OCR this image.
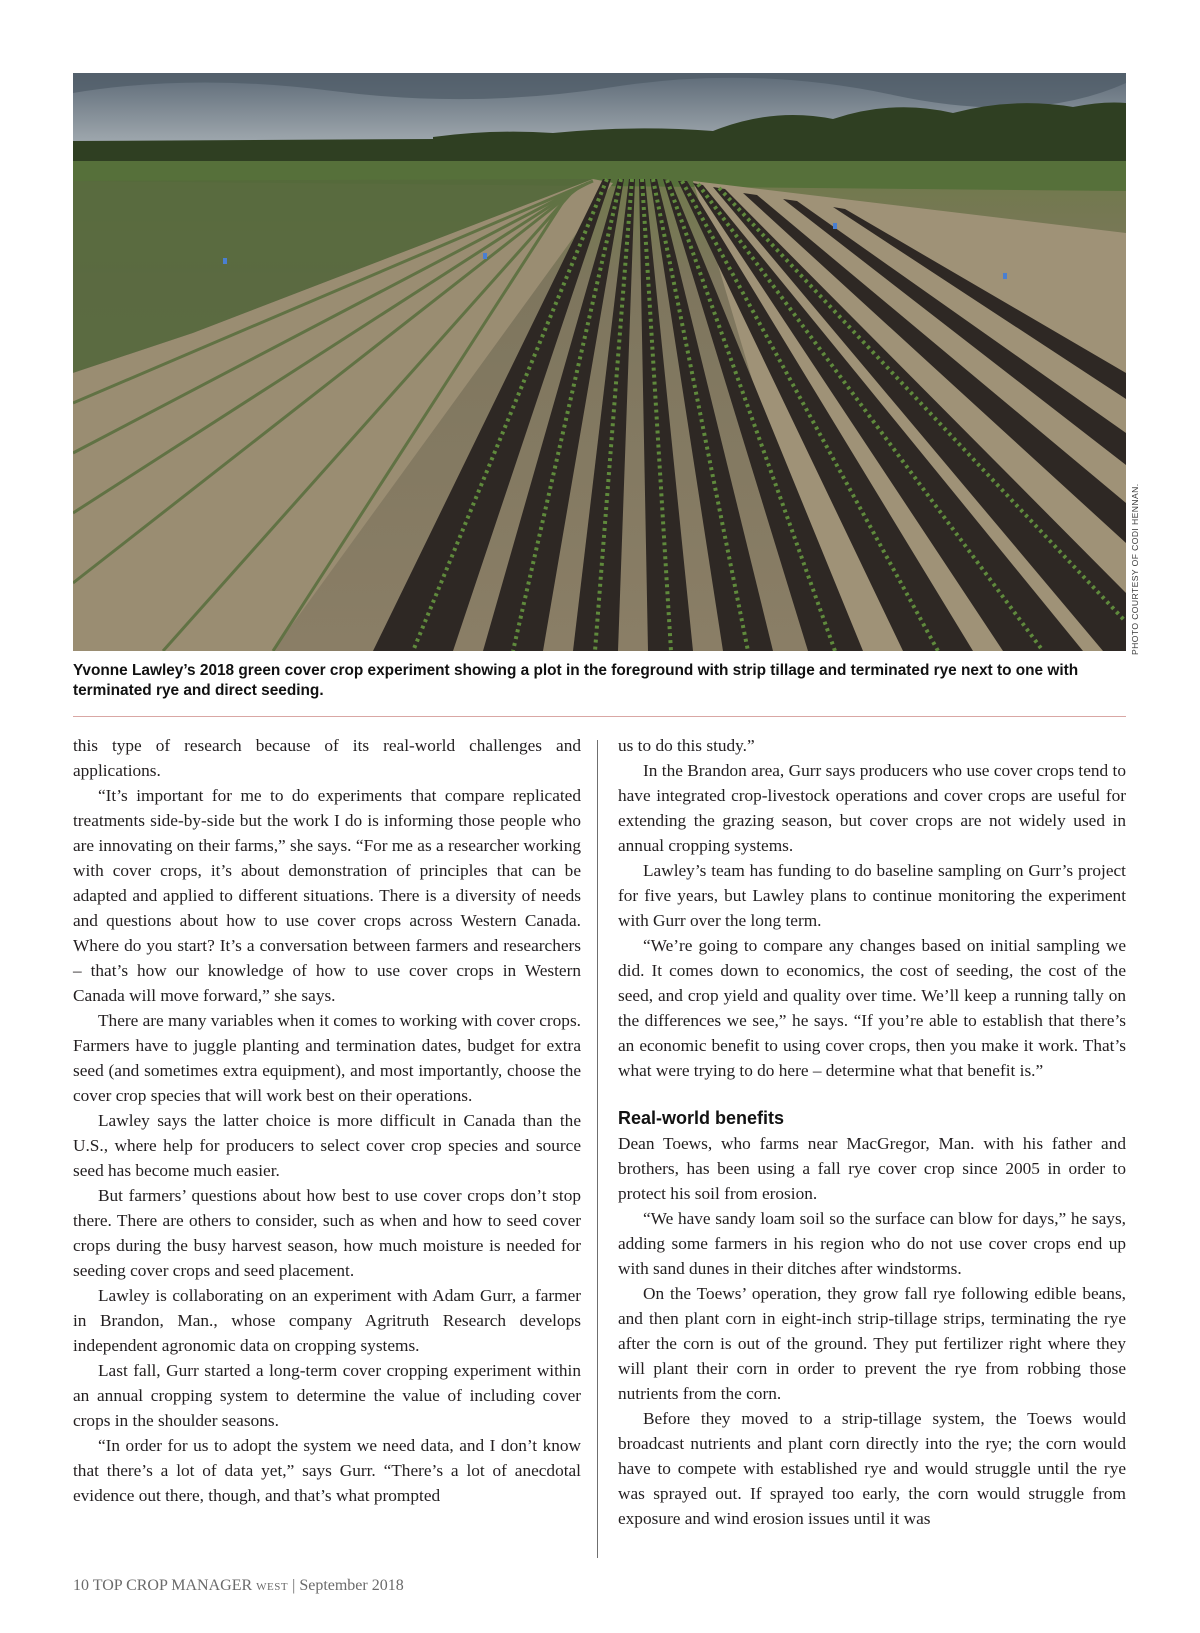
PHOTO COURTESY OF CODI HENNAN.
Yvonne Lawley’s 2018 green cover crop experiment showing a plot in the foreground with strip tillage and terminated rye next to one with terminated rye and direct seeding.

this type of research because of its real-world challenges and applications.

“It’s important for me to do experiments that compare replicated treatments side-by-side but the work I do is informing those people who are innovating on their farms,” she says. “For me as a researcher working with cover crops, it’s about demonstration of principles that can be adapted and applied to different situations. There is a diversity of needs and questions about how to use cover crops across Western Canada. Where do you start? It’s a conversation between farmers and researchers – that’s how our knowledge of how to use cover crops in Western Canada will move forward,” she says.

There are many variables when it comes to working with cover crops. Farmers have to juggle planting and termination dates, budget for extra seed (and sometimes extra equipment), and most importantly, choose the cover crop species that will work best on their operations.

Lawley says the latter choice is more difficult in Canada than the U.S., where help for producers to select cover crop species and source seed has become much easier.

But farmers’ questions about how best to use cover crops don’t stop there. There are others to consider, such as when and how to seed cover crops during the busy harvest season, how much moisture is needed for seeding cover crops and seed placement.

Lawley is collaborating on an experiment with Adam Gurr, a farmer in Brandon, Man., whose company Agritruth Research develops independent agronomic data on cropping systems.

Last fall, Gurr started a long-term cover cropping experiment within an annual cropping system to determine the value of including cover crops in the shoulder seasons.

“In order for us to adopt the system we need data, and I don’t know that there’s a lot of data yet,” says Gurr. “There’s a lot of anecdotal evidence out there, though, and that’s what prompted

us to do this study.”

In the Brandon area, Gurr says producers who use cover crops tend to have integrated crop-livestock operations and cover crops are useful for extending the grazing season, but cover crops are not widely used in annual cropping systems.

Lawley’s team has funding to do baseline sampling on Gurr’s project for five years, but Lawley plans to continue monitoring the experiment with Gurr over the long term.

“We’re going to compare any changes based on initial sampling we did. It comes down to economics, the cost of seeding, the cost of the seed, and crop yield and quality over time. We’ll keep a running tally on the differences we see,” he says. “If you’re able to establish that there’s an economic benefit to using cover crops, then you make it work. That’s what were trying to do here – determine what that benefit is.”

Real-world benefits

Dean Toews, who farms near MacGregor, Man. with his father and brothers, has been using a fall rye cover crop since 2005 in order to protect his soil from erosion.

“We have sandy loam soil so the surface can blow for days,” he says, adding some farmers in his region who do not use cover crops end up with sand dunes in their ditches after windstorms.

On the Toews’ operation, they grow fall rye following edible beans, and then plant corn in eight-inch strip-tillage strips, terminating the rye after the corn is out of the ground. They put fertilizer right where they will plant their corn in order to prevent the rye from robbing those nutrients from the corn.

Before they moved to a strip-tillage system, the Toews would broadcast nutrients and plant corn directly into the rye; the corn would have to compete with established rye and would struggle until the rye was sprayed out. If sprayed too early, the corn would struggle from exposure and wind erosion issues until it was

10 TOP CROP MANAGER WEST | September 2018
